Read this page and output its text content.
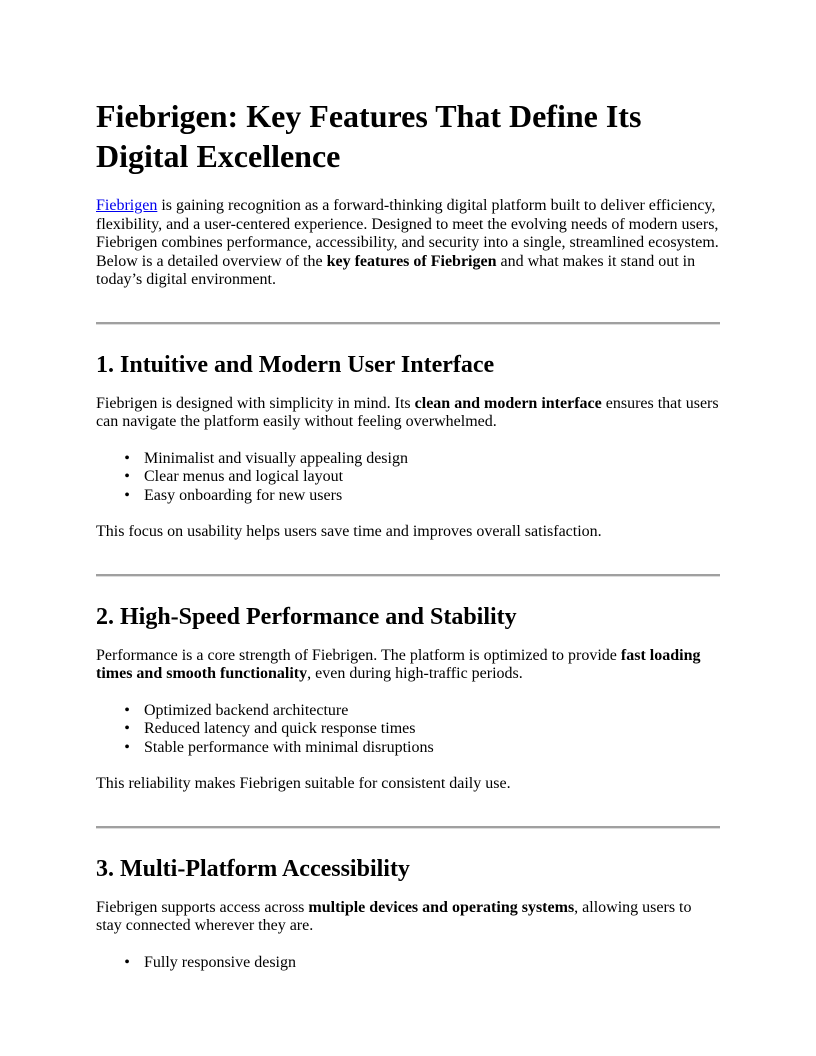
Fiebrigen: Key Features That Define Its Digital Excellence

Fiebrigen is gaining recognition as a forward-thinking digital platform built to deliver efficiency, flexibility, and a user-centered experience. Designed to meet the evolving needs of modern users, Fiebrigen combines performance, accessibility, and security into a single, streamlined ecosystem. Below is a detailed overview of the key features of Fiebrigen and what makes it stand out in today’s digital environment.

1. Intuitive and Modern User Interface

Fiebrigen is designed with simplicity in mind. Its clean and modern interface ensures that users can navigate the platform easily without feeling overwhelmed.

• Minimalist and visually appealing design
• Clear menus and logical layout
• Easy onboarding for new users

This focus on usability helps users save time and improves overall satisfaction.

2. High-Speed Performance and Stability

Performance is a core strength of Fiebrigen. The platform is optimized to provide fast loading times and smooth functionality, even during high-traffic periods.

• Optimized backend architecture
• Reduced latency and quick response times
• Stable performance with minimal disruptions

This reliability makes Fiebrigen suitable for consistent daily use.

3. Multi-Platform Accessibility

Fiebrigen supports access across multiple devices and operating systems, allowing users to stay connected wherever they are.

• Fully responsive design
